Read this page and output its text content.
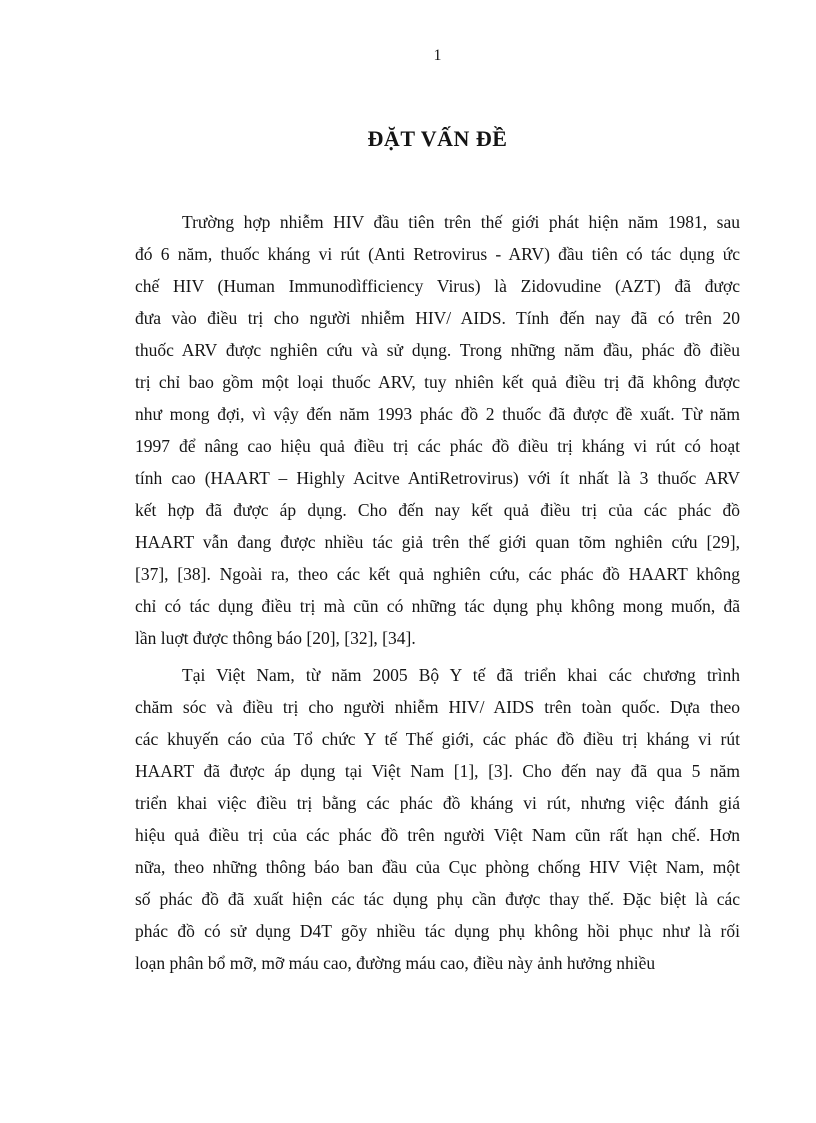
1
ĐẶT VẤN ĐỀ
Trường hợp nhiễm HIV đầu tiên trên thế giới phát hiện năm 1981, sau
đó 6 năm, thuốc kháng vi rút (Anti Retrovirus - ARV) đầu tiên có tác dụng ức
chế HIV (Human Immunodìfficiency Virus) là Zidovudine (AZT) đã được
đưa vào điều trị cho người nhiễm HIV/ AIDS. Tính đến nay đã có trên 20
thuốc ARV được nghiên cứu và sử dụng. Trong những năm đầu, phác đồ điều
trị chỉ bao gồm một loại thuốc ARV, tuy nhiên kết quả điều trị đã không được
như mong đợi, vì vậy đến năm 1993 phác đồ 2 thuốc đã được đề xuất. Từ năm
1997 để nâng cao hiệu quả điều trị các phác đồ điều trị kháng vi rút có hoạt
tính cao (HAART – Highly Acitve AntiRetrovirus) với ít nhất là 3 thuốc ARV
kết hợp đã được áp dụng. Cho đến nay kết quả điều trị của các phác đồ
HAART vẫn đang được nhiều tác giả trên thế giới quan tõm nghiên cứu [29],
[37], [38]. Ngoài ra, theo các kết quả nghiên cứu, các phác đồ HAART không
chỉ có tác dụng điều trị mà cũn có những tác dụng phụ không mong muốn, đã
lần luợt được thông báo [20], [32], [34].
Tại Việt Nam, từ năm 2005 Bộ Y tế đã triển khai các chương trình
chăm sóc và điều trị cho người nhiễm HIV/ AIDS trên toàn quốc. Dựa theo
các khuyến cáo của Tổ chức Y tế Thế giới, các phác đồ điều trị kháng vi rút
HAART đã được áp dụng tại Việt Nam [1], [3]. Cho đến nay đã qua 5 năm
triển khai việc điều trị bằng các phác đồ kháng vi rút, nhưng việc đánh giá
hiệu quả điều trị của các phác đồ trên người Việt Nam cũn rất hạn chế. Hơn
nữa, theo những thông báo ban đầu của Cục phòng chống HIV Việt Nam, một
số phác đồ đã xuất hiện các tác dụng phụ cần được thay thế. Đặc biệt là các
phác đồ có sử dụng D4T gõy nhiều tác dụng phụ không hồi phục như là rối
loạn phân bổ mỡ, mỡ máu cao, đường máu cao, điều này ảnh hưởng nhiều
